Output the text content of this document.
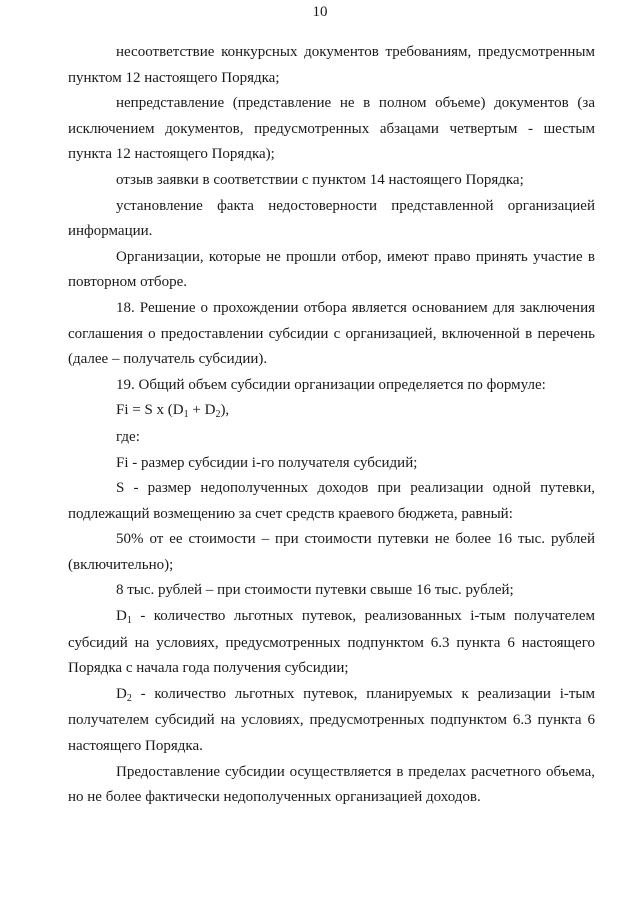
10

несоответствие конкурсных документов требованиям, предусмотренным пунктом 12 настоящего Порядка;

непредставление (представление не в полном объеме) документов (за исключением документов, предусмотренных абзацами четвертым - шестым пункта 12 настоящего Порядка);

отзыв заявки в соответствии с пунктом 14 настоящего Порядка;

установление факта недостоверности представленной организацией информации.

Организации, которые не прошли отбор, имеют право принять участие в повторном отборе.

18. Решение о прохождении отбора является основанием для заключения соглашения о предоставлении субсидии с организацией, включенной в перечень (далее – получатель субсидии).

19. Общий объем субсидии организации определяется по формуле:

Fi = S x $(D_1 + D_2)$,

где:

Fi - размер субсидии i-го получателя субсидий;

S - размер недополученных доходов при реализации одной путевки, подлежащий возмещению за счет средств краевого бюджета, равный:

50% от ее стоимости – при стоимости путевки не более 16 тыс. рублей (включительно);

8 тыс. рублей – при стоимости путевки свыше 16 тыс. рублей;

$D_1$ - количество льготных путевок, реализованных i-тым получателем субсидий на условиях, предусмотренных подпунктом 6.3 пункта 6 настоящего Порядка с начала года получения субсидии;

$D_2$ - количество льготных путевок, планируемых к реализации i-тым получателем субсидий на условиях, предусмотренных подпунктом 6.3 пункта 6 настоящего Порядка.

Предоставление субсидии осуществляется в пределах расчетного объема, но не более фактически недополученных организацией доходов.
